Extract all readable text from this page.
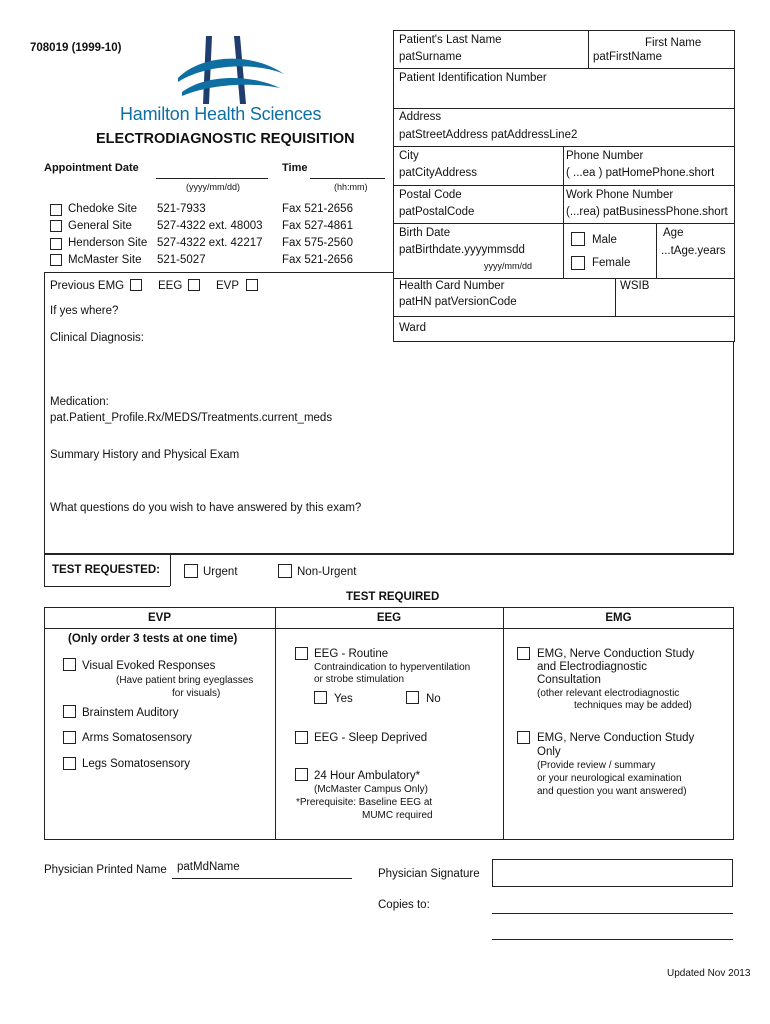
708019 (1999-10)
Hamilton Health Sciences
ELECTRODIAGNOSTIC REQUISITION
Appointment Date
(yyyy/mm/dd)
Time
(hh:mm)
Chedoke Site 521-7933	Fax 521-2656
General Site 527-4322 ext. 48003 Fax 527-4861
Henderson Site 527-4322 ext. 42217 Fax 575-2560
McMaster Site 521-5027	Fax 521-2656
Previous EMG	EEG	EVP
If yes where?
Clinical Diagnosis:
Medication:
pat.Patient_Profile.Rx/MEDS/Treatments.current_meds
Summary History and Physical Exam
What questions do you wish to have answered by this exam?
Patient's Last Name
patSurname
First Name
patFirstName
Patient Identification Number
Address
patStreetAddress patAddressLine2
City
patCityAddress
Phone Number
( ...ea ) patHomePhone.short
Postal Code
patPostalCode
Work Phone Number
(...rea) patBusinessPhone.short
Birth Date
patBirthdate.yyyymmsdd
yyyy/mm/dd
Male
Female
Age
...tAge.years
Health Card Number
patHN patVersionCode
WSIB
Ward
TEST REQUESTED:	Urgent	Non-Urgent
TEST REQUIRED
EVP	EEG	EMG
(Only order 3 tests at one time)
Visual Evoked Responses
(Have patient bring eyeglasses
for visuals)
Brainstem Auditory
Arms Somatosensory
Legs Somatosensory
EEG - Routine
Contraindication to hyperventilation
or strobe stimulation
Yes	No
EEG - Sleep Deprived
24 Hour Ambulatory*
(McMaster Campus Only)
*Prerequisite: Baseline EEG at
MUMC required
EMG, Nerve Conduction Study
and Electrodiagnostic
Consultation
(other relevant electrodiagnostic
techniques may be added)
EMG, Nerve Conduction Study
Only
(Provide review / summary
or your neurological examination
and question you want answered)
Physician Printed Name patMdName
Physician Signature
Copies to:
Updated Nov 2013
